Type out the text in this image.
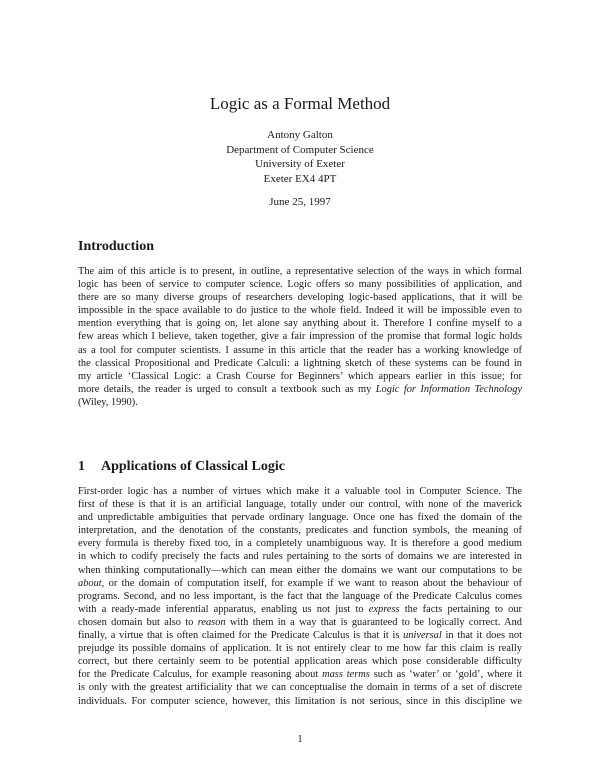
Logic as a Formal Method
Antony Galton
Department of Computer Science
University of Exeter
Exeter EX4 4PT
June 25, 1997
Introduction
The aim of this article is to present, in outline, a representative selection of the ways in which formal
logic has been of service to computer science. Logic offers so many possibilities of application, and
there are so many diverse groups of researchers developing logic-based applications, that it will be
impossible in the space available to do justice to the whole field. Indeed it will be impossible even to
mention everything that is going on, let alone say anything about it. Therefore I confine myself to a
few areas which I believe, taken together, give a fair impression of the promise that formal logic holds
as a tool for computer scientists. I assume in this article that the reader has a working knowledge of
the classical Propositional and Predicate Calculi: a lightning sketch of these systems can be found in
my article ‘Classical Logic: a Crash Course for Beginners’ which appears earlier in this issue; for
more details, the reader is urged to consult a textbook such as my Logic for Information Technology
(Wiley, 1990).
1 Applications of Classical Logic
First-order logic has a number of virtues which make it a valuable tool in Computer Science. The
first of these is that it is an artificial language, totally under our control, with none of the maverick
and unpredictable ambiguities that pervade ordinary language. Once one has fixed the domain of the
interpretation, and the denotation of the constants, predicates and function symbols, the meaning of
every formula is thereby fixed too, in a completely unambiguous way. It is therefore a good medium
in which to codify precisely the facts and rules pertaining to the sorts of domains we are interested in
when thinking computationally—which can mean either the domains we want our computations to be
about, or the domain of computation itself, for example if we want to reason about the behaviour of
programs. Second, and no less important, is the fact that the language of the Predicate Calculus comes
with a ready-made inferential apparatus, enabling us not just to express the facts pertaining to our
chosen domain but also to reason with them in a way that is guaranteed to be logically correct. And
finally, a virtue that is often claimed for the Predicate Calculus is that it is universal in that it does not
prejudge its possible domains of application. It is not entirely clear to me how far this claim is really
correct, but there certainly seem to be potential application areas which pose considerable difficulty
for the Predicate Calculus, for example reasoning about mass terms such as ‘water’ or ‘gold’, where it
is only with the greatest artificiality that we can conceptualise the domain in terms of a set of discrete
individuals. For computer science, however, this limitation is not serious, since in this discipline we
1
